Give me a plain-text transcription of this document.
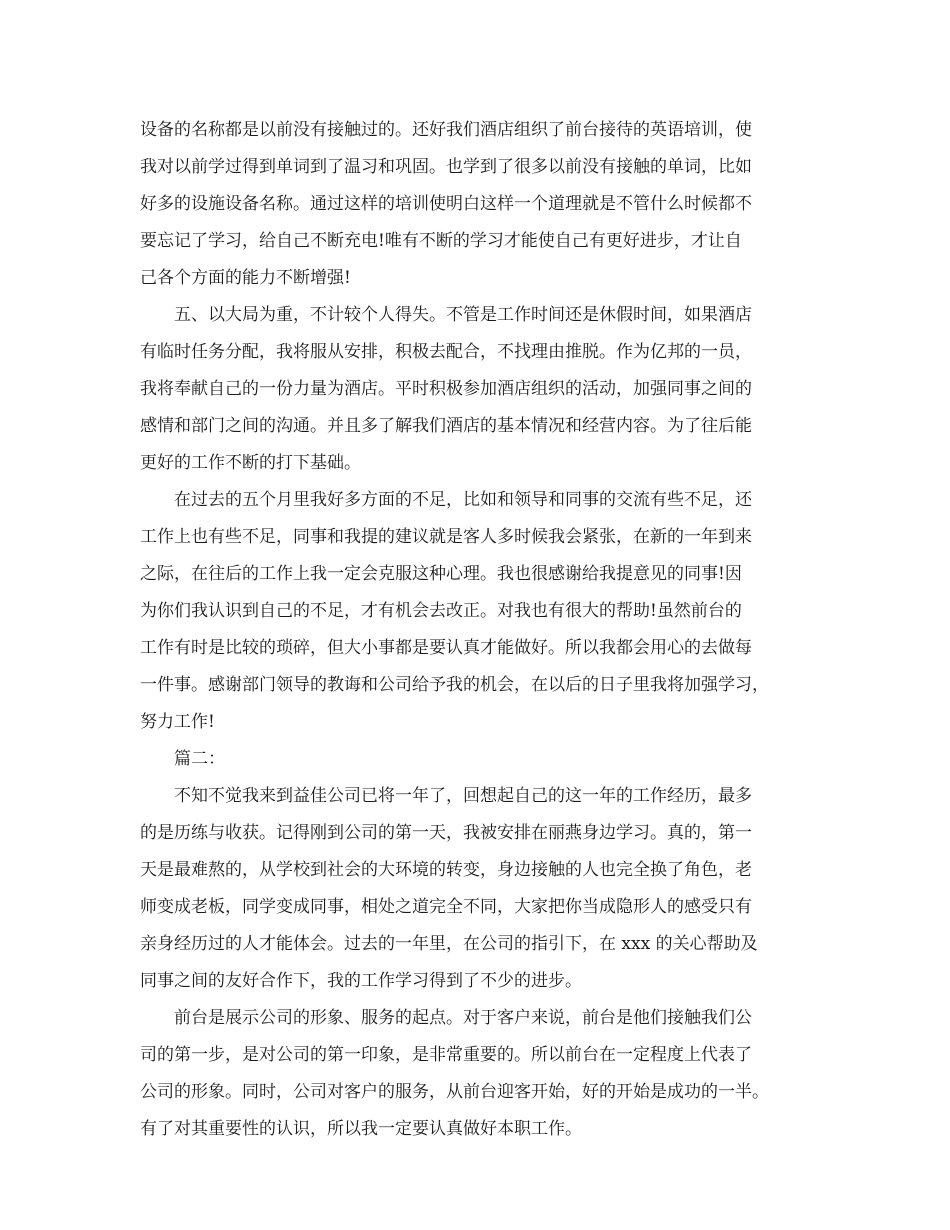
设备的名称都是以前没有接触过的。还好我们酒店组织了前台接待的英语培训，使
我对以前学过得到单词到了温习和巩固。也学到了很多以前没有接触的单词，比如
好多的设施设备名称。通过这样的培训使明白这样一个道理就是不管什么时候都不
要忘记了学习，给自己不断充电!唯有不断的学习才能使自己有更好进步，才让自
己各个方面的能力不断增强!
五、以大局为重，不计较个人得失。不管是工作时间还是休假时间，如果酒店
有临时任务分配，我将服从安排，积极去配合，不找理由推脱。作为亿邦的一员，
我将奉献自己的一份力量为酒店。平时积极参加酒店组织的活动，加强同事之间的
感情和部门之间的沟通。并且多了解我们酒店的基本情况和经营内容。为了往后能
更好的工作不断的打下基础。
在过去的五个月里我好多方面的不足，比如和领导和同事的交流有些不足，还
工作上也有些不足，同事和我提的建议就是客人多时候我会紧张，在新的一年到来
之际，在往后的工作上我一定会克服这种心理。我也很感谢给我提意见的同事!因
为你们我认识到自己的不足，才有机会去改正。对我也有很大的帮助!虽然前台的
工作有时是比较的琐碎，但大小事都是要认真才能做好。所以我都会用心的去做每
一件事。感谢部门领导的教诲和公司给予我的机会，在以后的日子里我将加强学习，
努力工作!
篇二：
不知不觉我来到益佳公司已将一年了，回想起自己的这一年的工作经历，最多
的是历练与收获。记得刚到公司的第一天，我被安排在丽燕身边学习。真的，第一
天是最难熬的，从学校到社会的大环境的转变，身边接触的人也完全换了角色，老
师变成老板，同学变成同事，相处之道完全不同，大家把你当成隐形人的感受只有
亲身经历过的人才能体会。过去的一年里，在公司的指引下，在 xxx 的关心帮助及
同事之间的友好合作下，我的工作学习得到了不少的进步。
前台是展示公司的形象、服务的起点。对于客户来说，前台是他们接触我们公
司的第一步，是对公司的第一印象，是非常重要的。所以前台在一定程度上代表了
公司的形象。同时，公司对客户的服务，从前台迎客开始，好的开始是成功的一半。
有了对其重要性的认识，所以我一定要认真做好本职工作。
